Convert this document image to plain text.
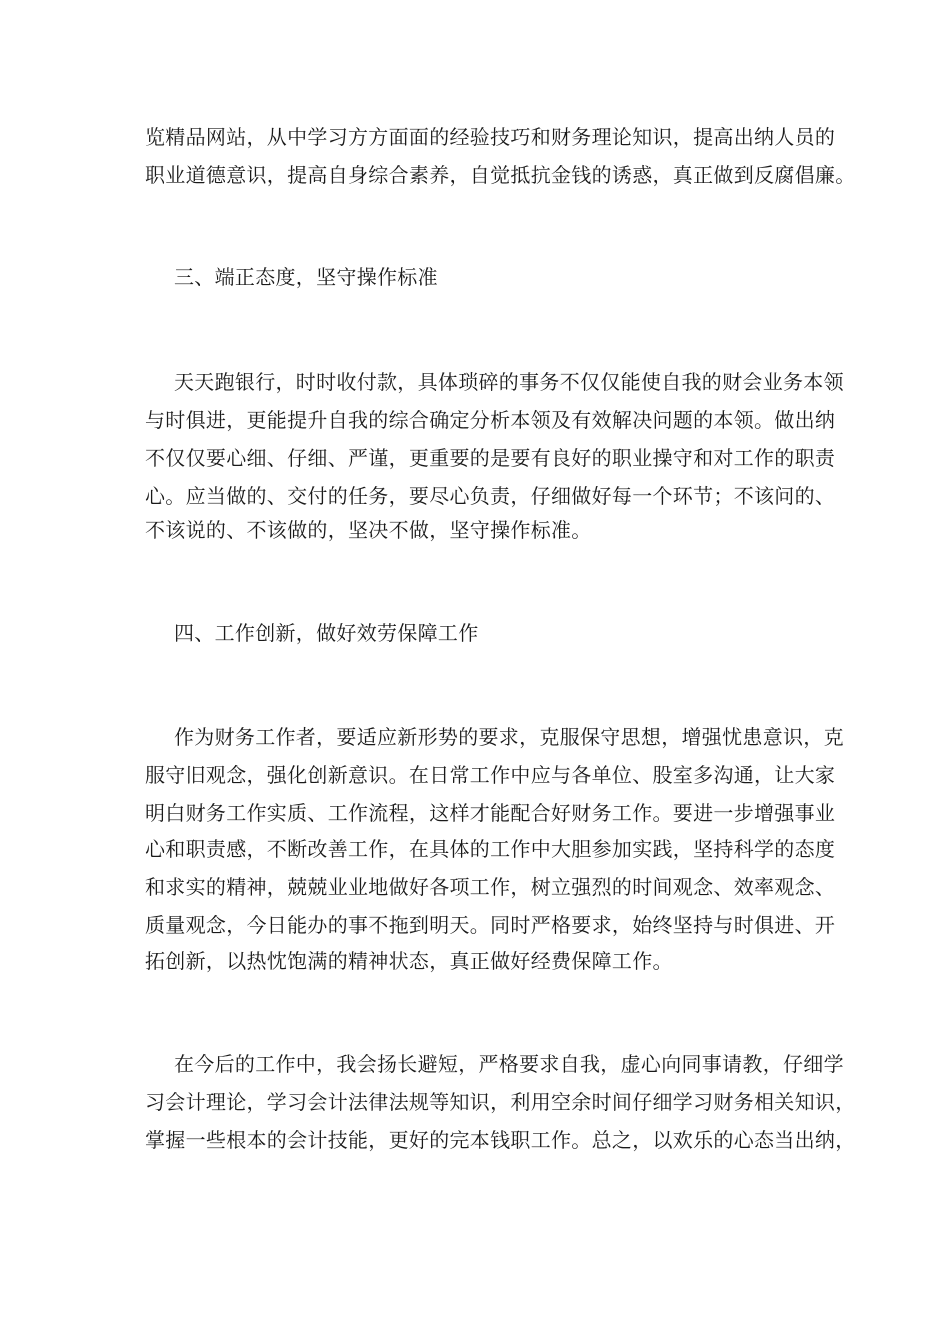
览精品网站，从中学习方方面面的经验技巧和财务理论知识，提高出纳人员的
职业道德意识，提高自身综合素养，自觉抵抗金钱的诱惑，真正做到反腐倡廉。
三、端正态度，坚守操作标准
天天跑银行，时时收付款，具体琐碎的事务不仅仅能使自我的财会业务本领
与时俱进，更能提升自我的综合确定分析本领及有效解决问题的本领。做出纳
不仅仅要心细、仔细、严谨，更重要的是要有良好的职业操守和对工作的职责
心。应当做的、交付的任务，要尽心负责，仔细做好每一个环节；不该问的、
不该说的、不该做的，坚决不做，坚守操作标准。
四、工作创新，做好效劳保障工作
作为财务工作者，要适应新形势的要求，克服保守思想，增强忧患意识，克
服守旧观念，强化创新意识。在日常工作中应与各单位、股室多沟通，让大家
明白财务工作实质、工作流程，这样才能配合好财务工作。要进一步增强事业
心和职责感，不断改善工作，在具体的工作中大胆参加实践，坚持科学的态度
和求实的精神，兢兢业业地做好各项工作，树立强烈的时间观念、效率观念、
质量观念，今日能办的事不拖到明天。同时严格要求，始终坚持与时俱进、开
拓创新，以热忱饱满的精神状态，真正做好经费保障工作。
在今后的工作中，我会扬长避短，严格要求自我，虚心向同事请教，仔细学
习会计理论，学习会计法律法规等知识，利用空余时间仔细学习财务相关知识，
掌握一些根本的会计技能，更好的完本钱职工作。总之，以欢乐的心态当出纳，
